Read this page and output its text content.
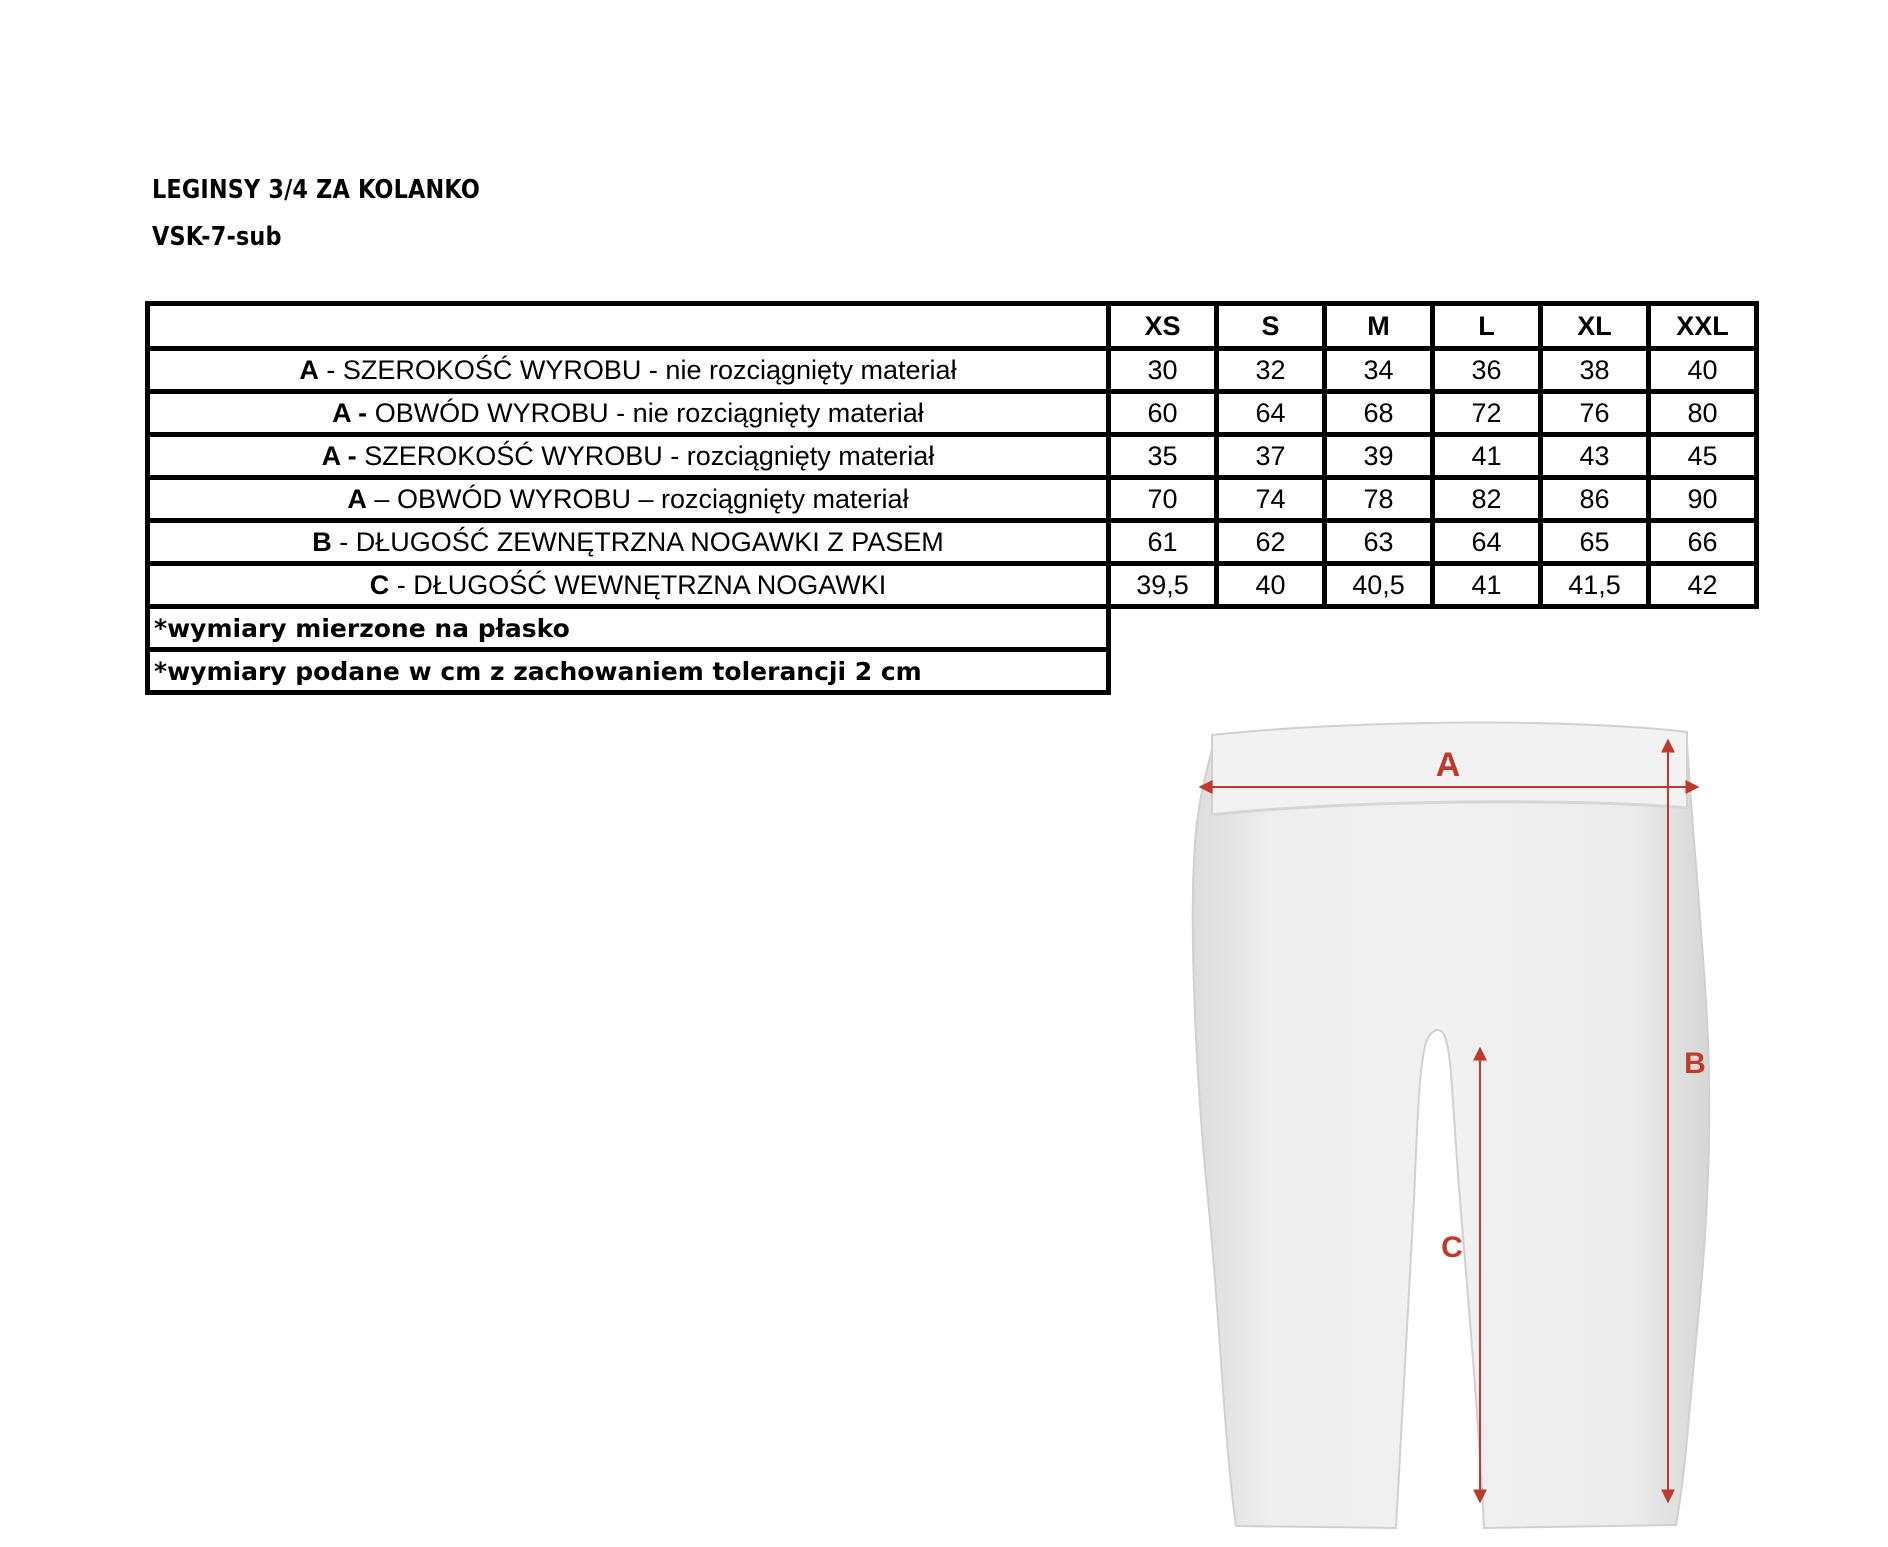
LEGINSY 3/4 ZA KOLANKO
VSK-7-sub
	XS	S	M	L	XL	XXL
A - SZEROKOŚĆ WYROBU - nie rozciągnięty materiał	30	32	34	36	38	40
A - OBWÓD WYROBU - nie rozciągnięty materiał	60	64	68	72	76	80
A - SZEROKOŚĆ WYROBU - rozciągnięty materiał	35	37	39	41	43	45
A – OBWÓD WYROBU – rozciągnięty materiał	70	74	78	82	86	90
B - DŁUGOŚĆ ZEWNĘTRZNA NOGAWKI Z PASEM	61	62	63	64	65	66
C - DŁUGOŚĆ WEWNĘTRZNA NOGAWKI	39,5	40	40,5	41	41,5	42
*wymiary mierzone na płasko						
*wymiary podane w cm z zachowaniem tolerancji 2 cm						
A
B
C
